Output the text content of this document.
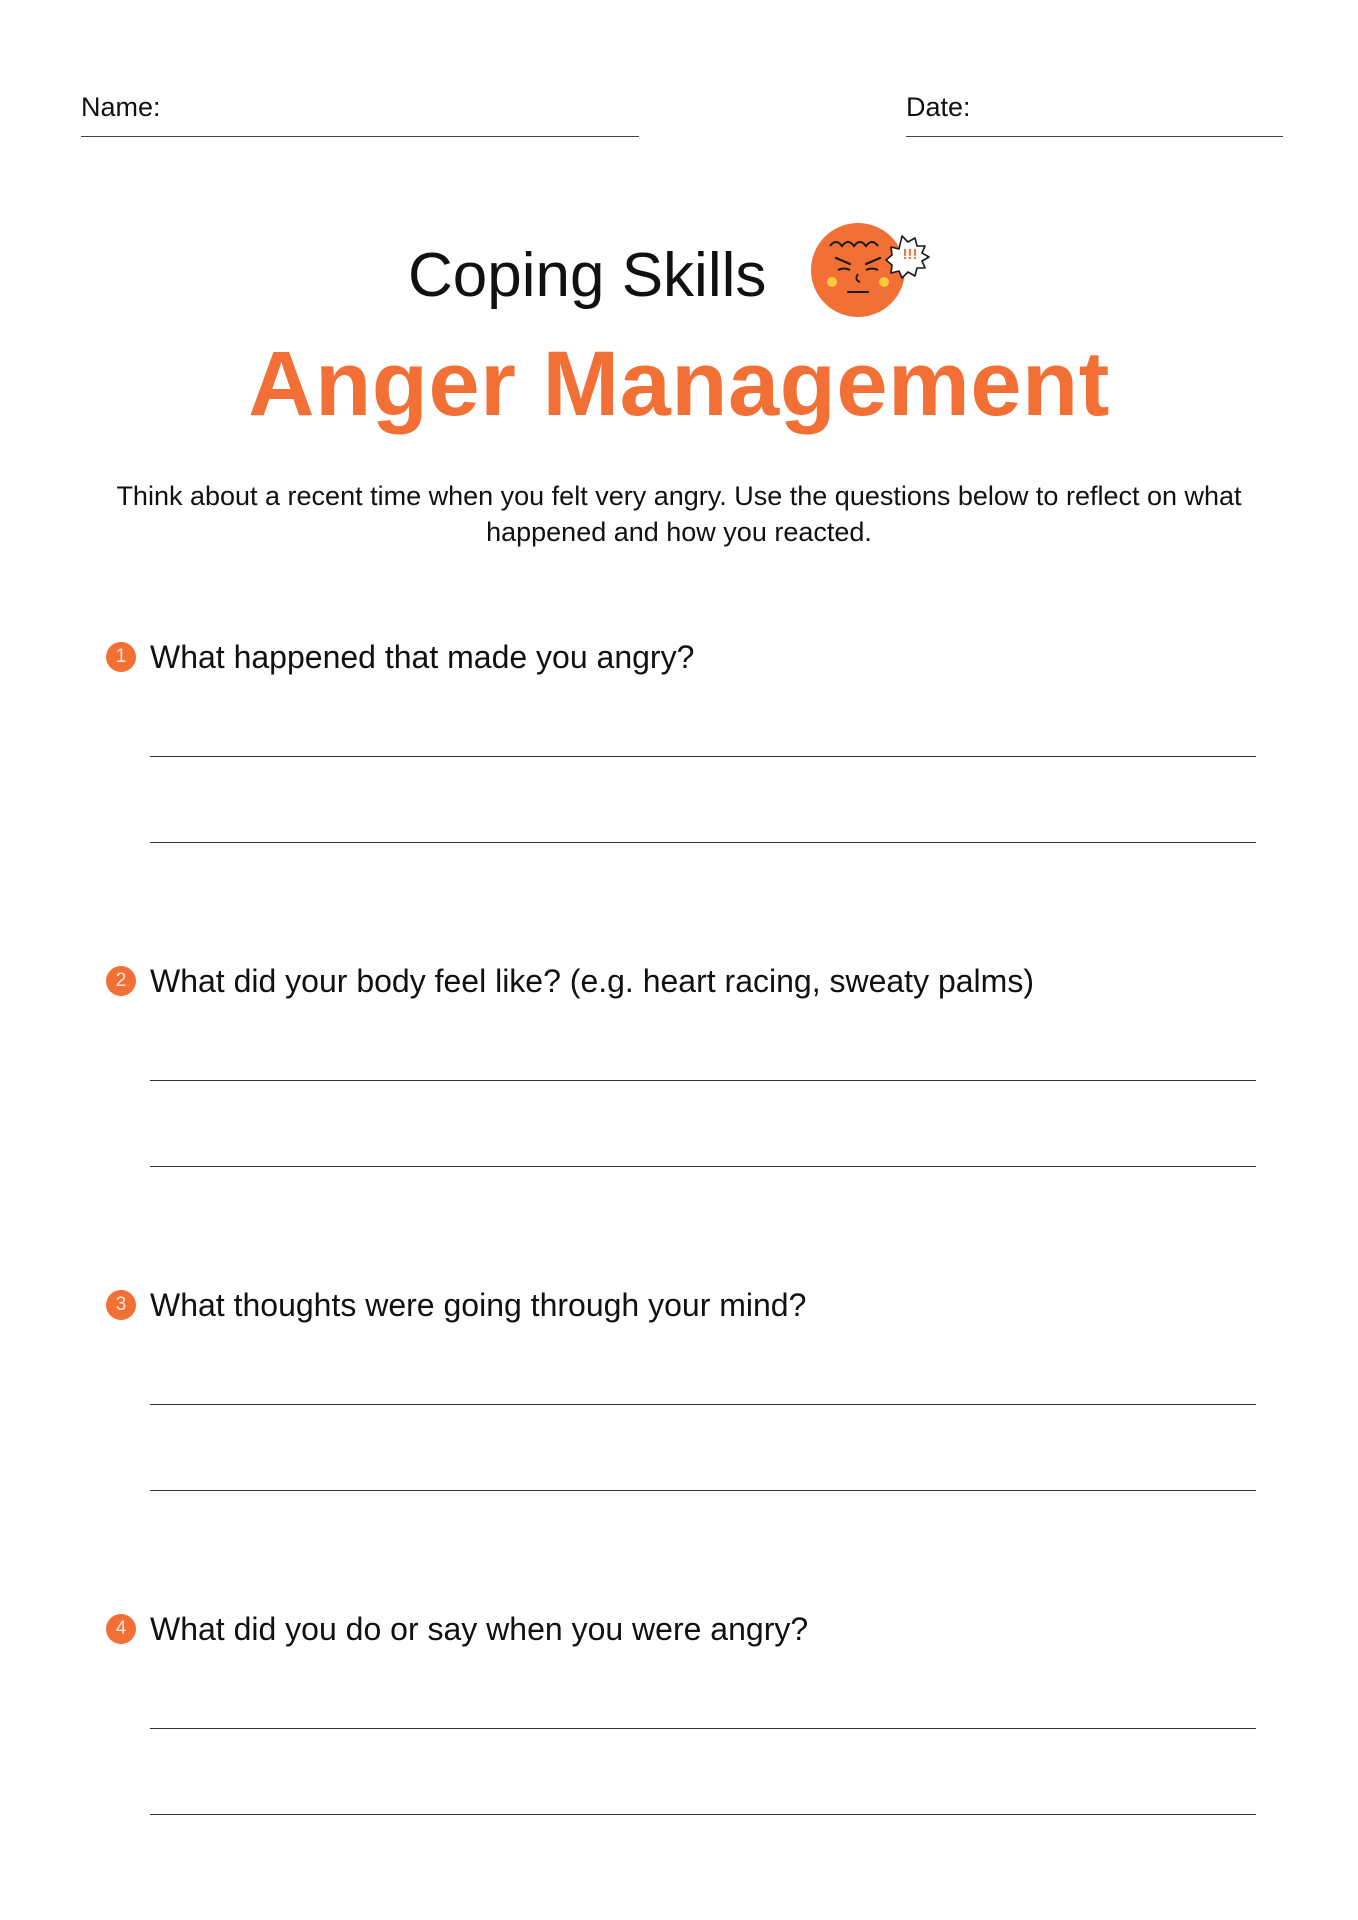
Name:	Date:
Coping Skills	!!!
Anger Management
Think about a recent time when you felt very angry. Use the questions below to reflect on what happened and how you reacted.
1 What happened that made you angry?
2 What did your body feel like? (e.g. heart racing, sweaty palms)
3 What thoughts were going through your mind?
4 What did you do or say when you were angry?
